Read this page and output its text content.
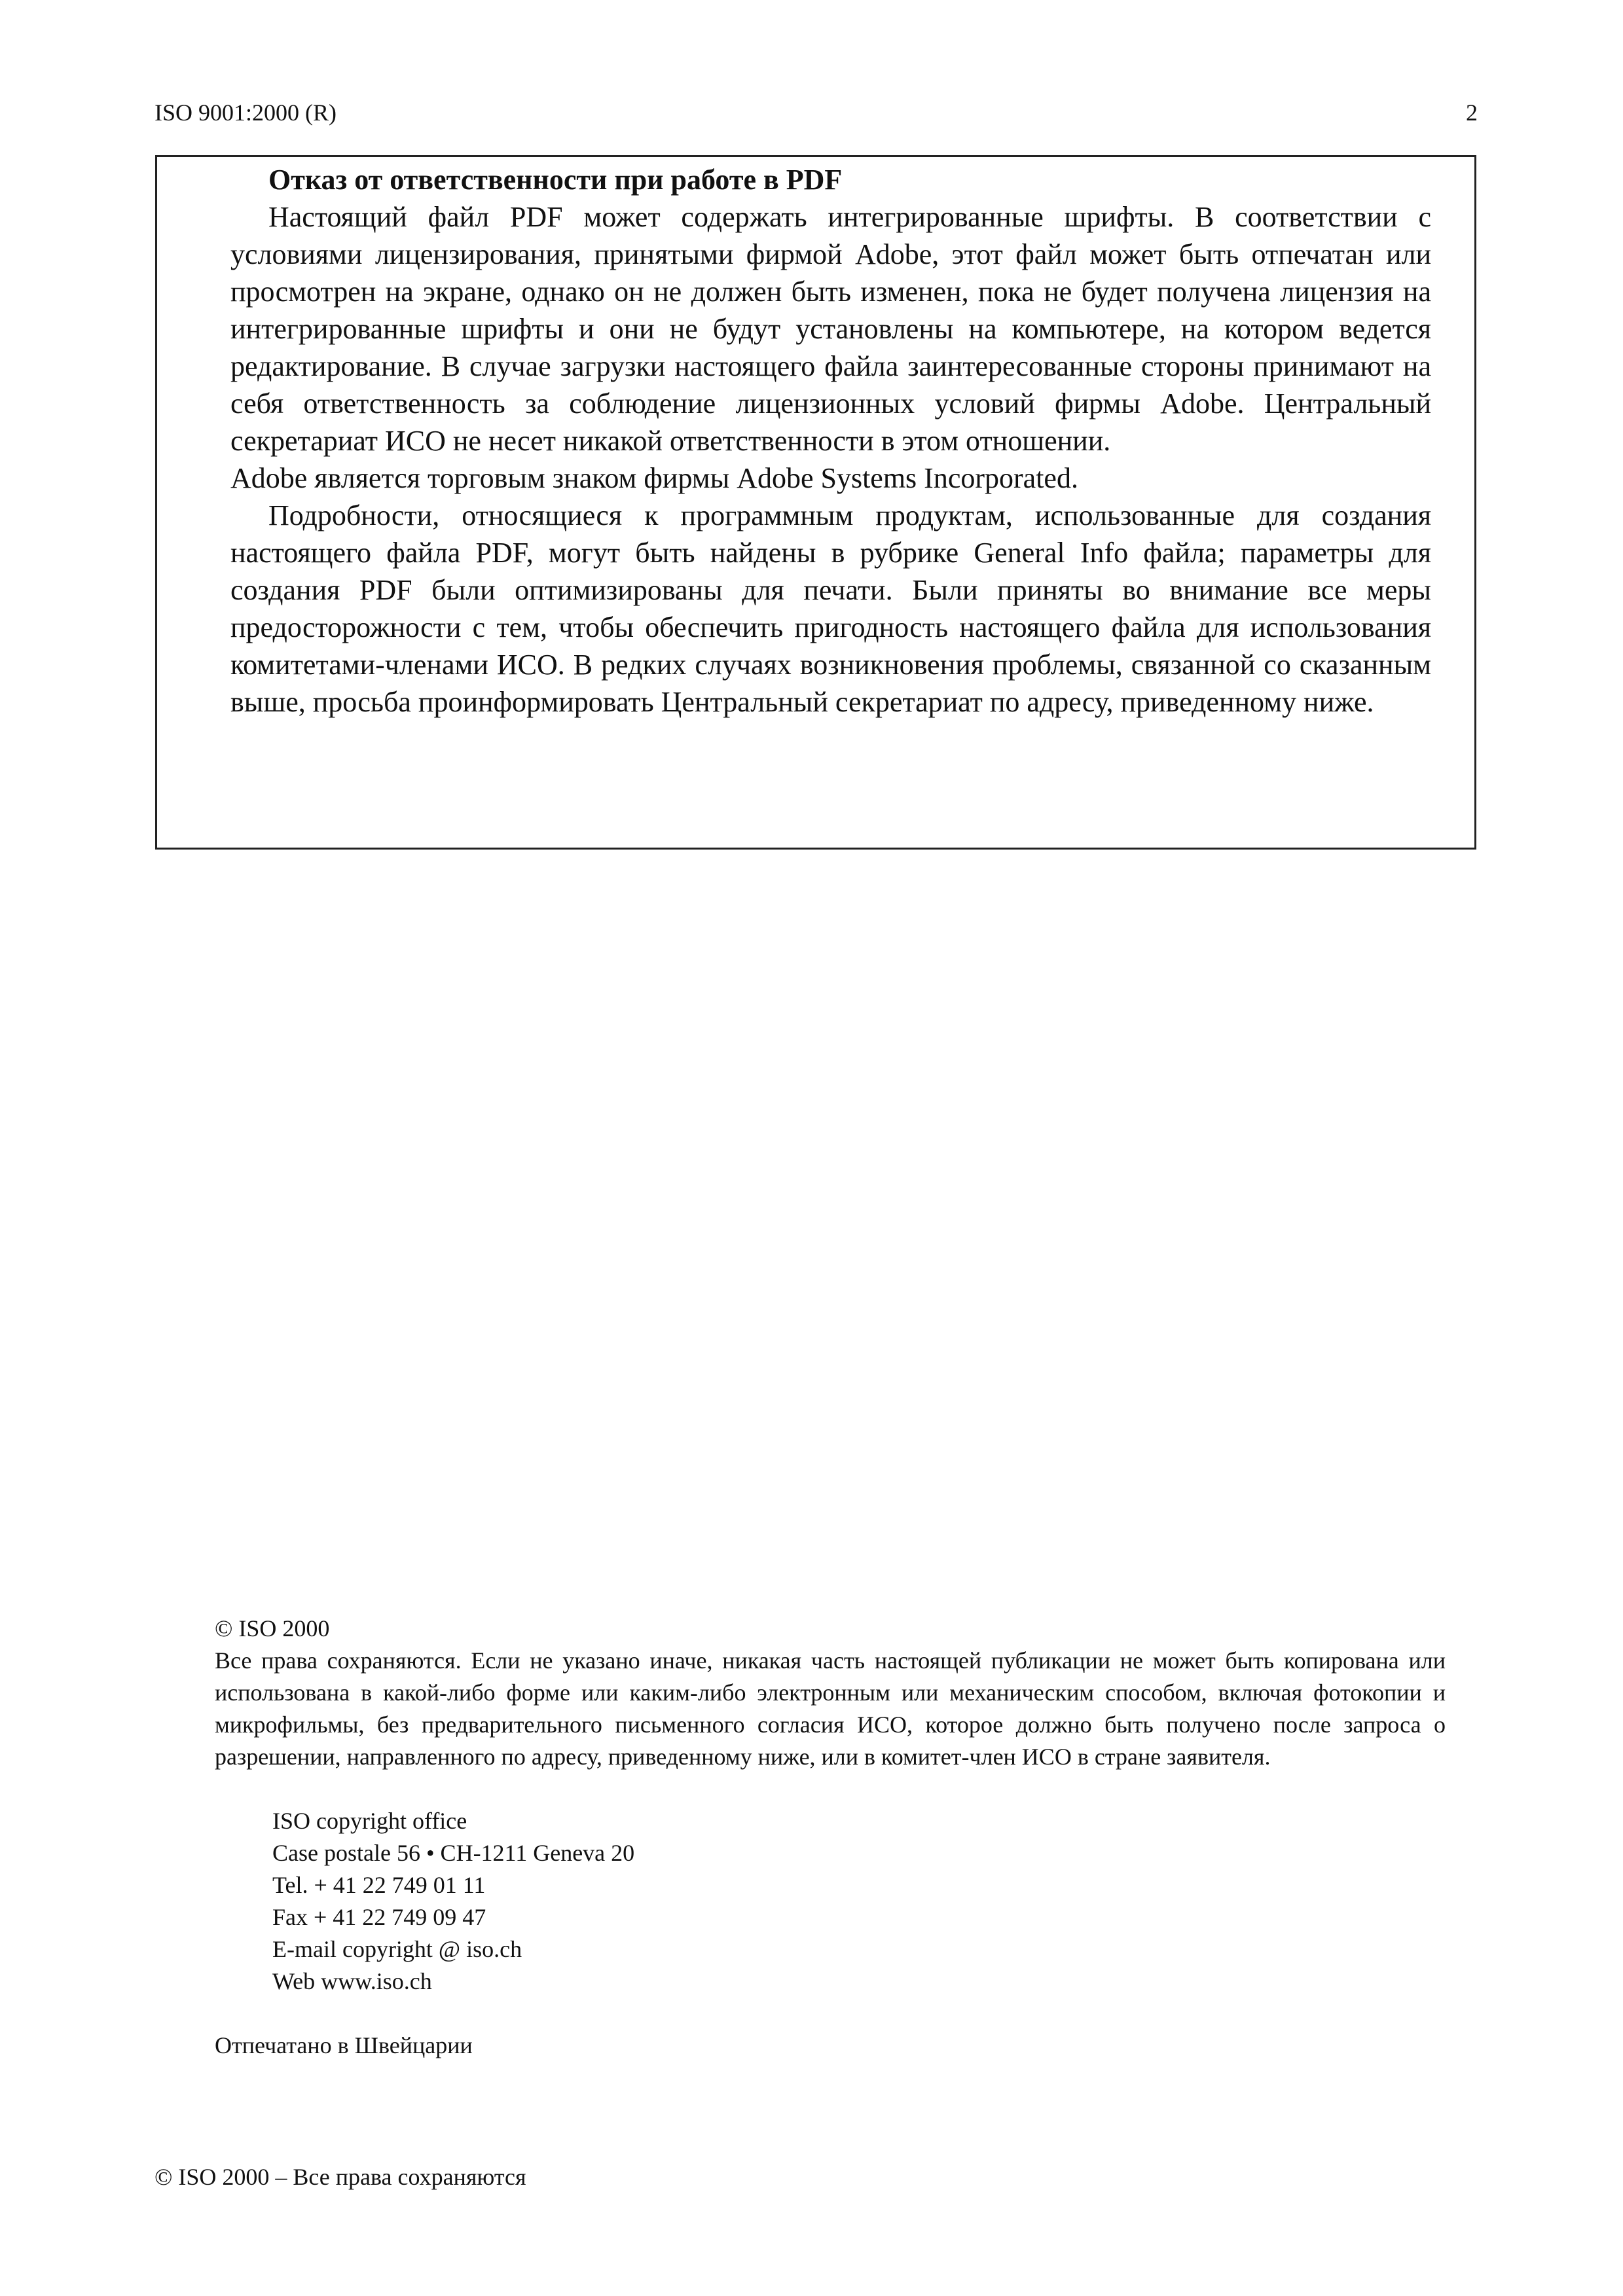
ISO 9001:2000 (R)	2

Отказ от ответственности при работе в PDF

Настоящий файл PDF может содержать интегрированные шрифты. В соответствии с условиями лицензирования, принятыми фирмой Adobe, этот файл может быть отпечатан или просмотрен на экране, однако он не должен быть изменен, пока не будет получена лицензия на интегрированные шрифты и они не будут установлены на компьютере, на котором ведется редактирование. В случае загрузки настоящего файла заинтересованные стороны принимают на себя ответственность за соблюдение лицензионных условий фирмы Adobe. Центральный секретариат ИСО не несет никакой ответственности в этом отношении.

Adobe является торговым знаком фирмы Adobe Systems Incorporated.

Подробности, относящиеся к программным продуктам, использованные для создания настоящего файла PDF, могут быть найдены в рубрике General Info файла; параметры для создания PDF были оптимизированы для печати. Были приняты во внимание все меры предосторожности с тем, чтобы обеспечить пригодность настоящего файла для использования комитетами-членами ИСО. В редких случаях возникновения проблемы, связанной со сказанным выше, просьба проинформировать Центральный секретариат по адресу, приведенному ниже.

© ISO 2000
Все права сохраняются. Если не указано иначе, никакая часть настоящей публикации не может быть копирована или использована в какой-либо форме или каким-либо электронным или механическим способом, включая фотокопии и микрофильмы, без предварительного письменного согласия ИСО, которое должно быть получено после запроса о разрешении, направленного по адресу, приведенному ниже, или в комитет-член ИСО в стране заявителя.
ISO copyright office
Case postale 56 • CH-1211 Geneva 20
Tel. + 41 22 749 01 11
Fax + 41 22 749 09 47
E-mail copyright @ iso.ch
Web www.iso.ch
Отпечатано в Швейцарии
© ISO 2000 – Все права сохраняются
